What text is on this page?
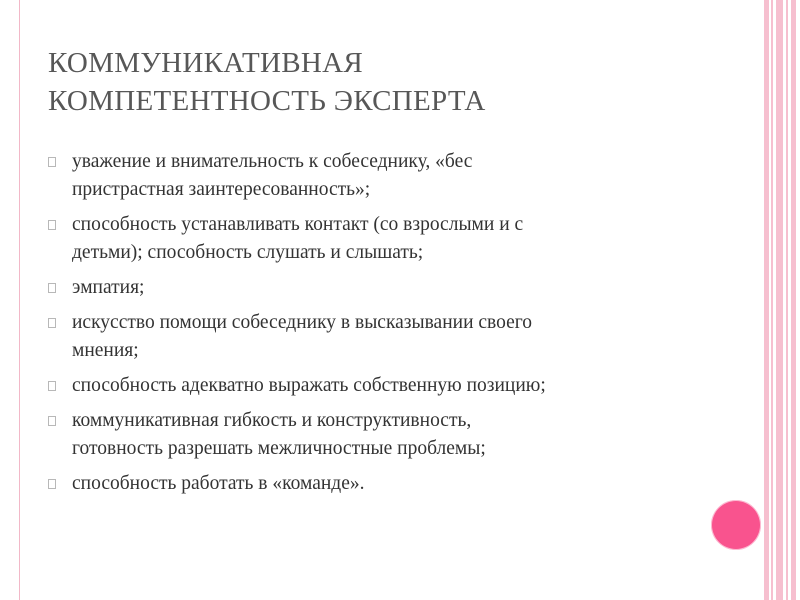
КОММУНИКАТИВНАЯ
КОМПЕТЕНТНОСТЬ ЭКСПЕРТА
уважение и внимательность к собеседнику, «бес
пристрастная заинтересованность»;
способность устанавливать контакт (со взрослыми и с
детьми); способность слушать и слышать;
эмпатия;
искусство помощи собеседнику в высказывании своего
мнения;
способность адекватно выражать собственную позицию;
коммуникативная гибкость и конструктивность,
готовность разрешать межличностные проблемы;
способность работать в «команде».
